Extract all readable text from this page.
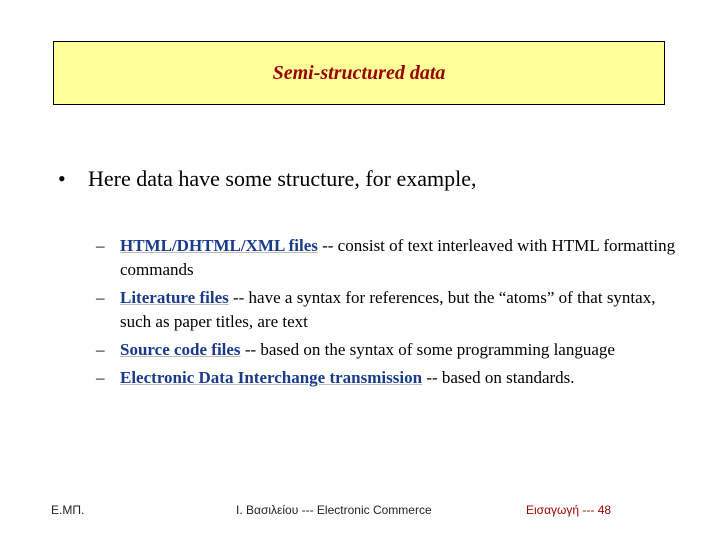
Semi-structured data
• Here data have some structure, for example,
– HTML/DHTML/XML files -- consist of text interleaved with HTML formatting commands
– Literature files -- have a syntax for references, but the “atoms” of that syntax, such as paper titles, are text
– Source code files -- based on the syntax of some programming language
– Electronic Data Interchange transmission -- based on standards.
Ε.ΜΠ.	Ι. Βασιλείου --- Electronic Commerce	Εισαγωγή --- 48
